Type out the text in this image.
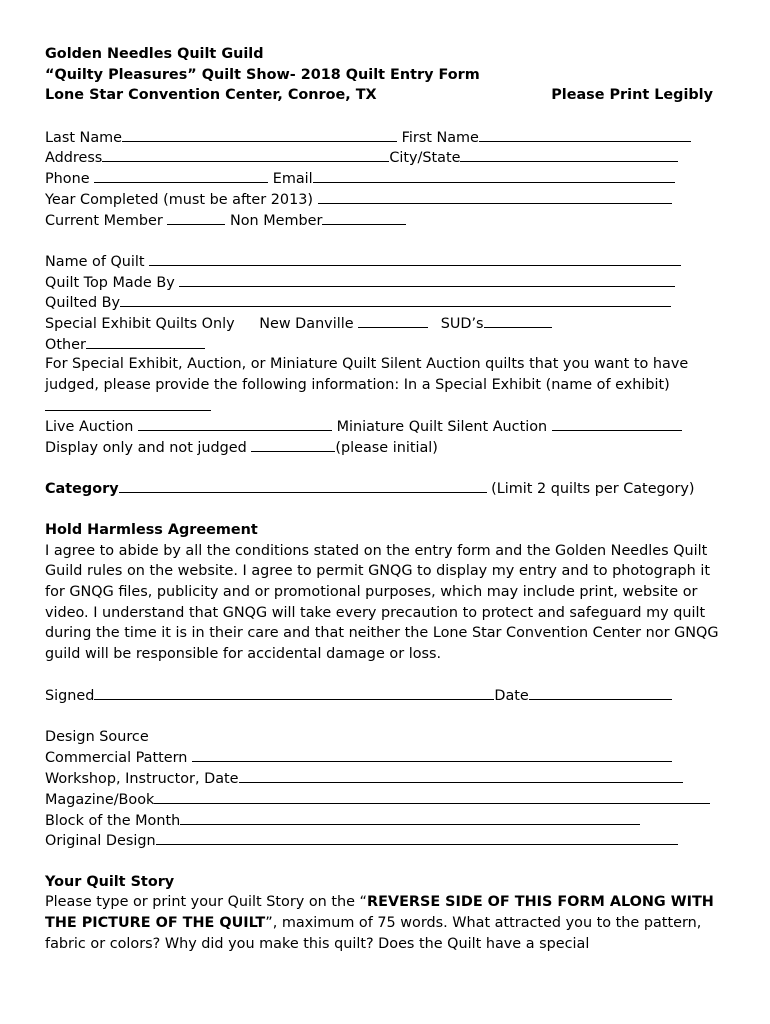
Golden Needles Quilt Guild
“Quilty Pleasures” Quilt Show- 2018 Quilt Entry Form
Lone Star Convention Center, Conroe, TX	Please Print Legibly
Last Name	First Name
Address	City/State
Phone	Email
Year Completed (must be after 2013)
Current Member	Non Member
Name of Quilt
Quilt Top Made By
Quilted By
Special Exhibit Quilts Only New Danville	SUD’s
Other
For Special Exhibit, Auction, or Miniature Quilt Silent Auction quilts that you want to have
judged, please provide the following information: In a Special Exhibit (name of exhibit)
Live Auction	Miniature Quilt Silent Auction
Display only and not judged	(please initial)
Category	(Limit 2 quilts per Category)
Hold Harmless Agreement
I agree to abide by all the conditions stated on the entry form and the Golden Needles Quilt Guild rules on the website. I agree to permit GNQG to display my entry and to photograph it for GNQG files, publicity and or promotional purposes, which may include print, website or video. I understand that GNQG will take every precaution to protect and safeguard my quilt during the time it is in their care and that neither the Lone Star Convention Center nor GNQG guild will be responsible for accidental damage or loss.
Signed	Date
Design Source
Commercial Pattern
Workshop, Instructor, Date
Magazine/Book
Block of the Month
Original Design
Your Quilt Story
Please type or print your Quilt Story on the “REVERSE SIDE OF THIS FORM ALONG WITH THE PICTURE OF THE QUILT”, maximum of 75 words. What attracted you to the pattern, fabric or colors? Why did you make this quilt? Does the Quilt have a special
